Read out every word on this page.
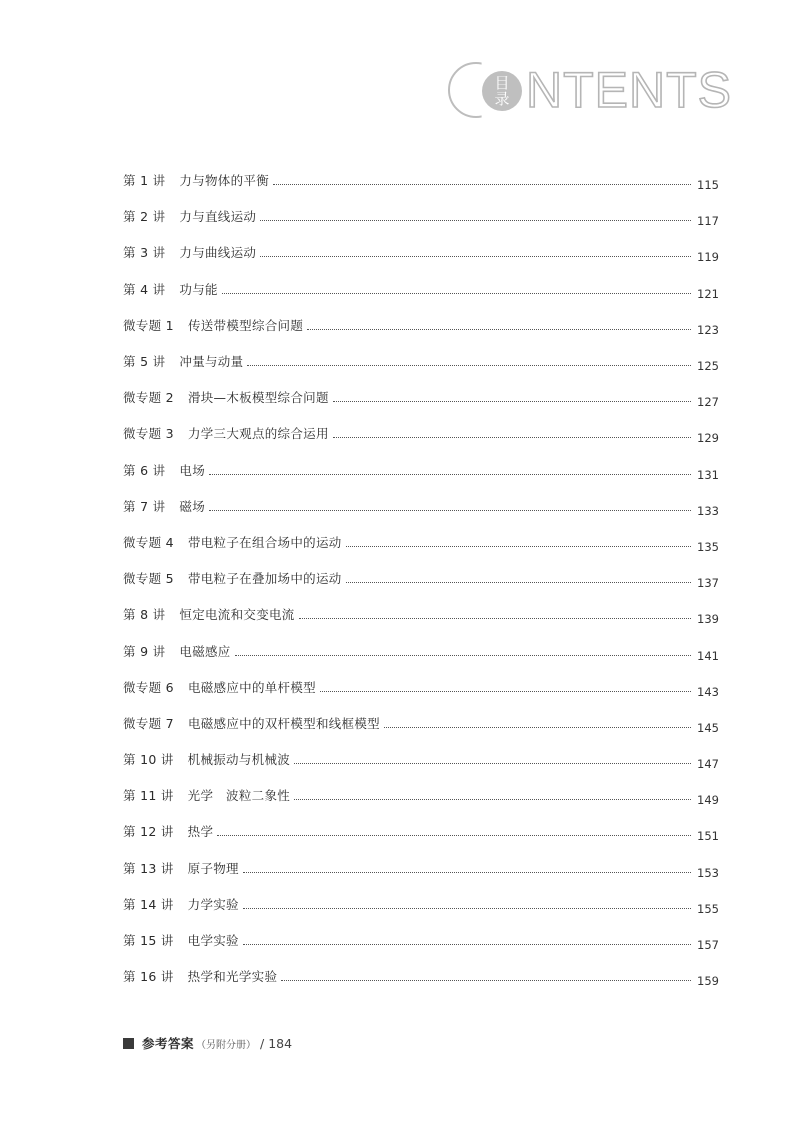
目
录 NTENTS
第 1 讲 力与物体的平衡	115
第 2 讲 力与直线运动	117
第 3 讲 力与曲线运动	119
第 4 讲 功与能	121
微专题 1 传送带模型综合问题	123
第 5 讲 冲量与动量	125
微专题 2 滑块—木板模型综合问题	127
微专题 3 力学三大观点的综合运用	129
第 6 讲 电场	131
第 7 讲 磁场	133
微专题 4 带电粒子在组合场中的运动	135
微专题 5 带电粒子在叠加场中的运动	137
第 8 讲 恒定电流和交变电流	139
第 9 讲 电磁感应	141
微专题 6 电磁感应中的单杆模型	143
微专题 7 电磁感应中的双杆模型和线框模型	145
第 10 讲 机械振动与机械波	147
第 11 讲 光学　波粒二象性	149
第 12 讲 热学	151
第 13 讲 原子物理	153
第 14 讲 力学实验	155
第 15 讲 电学实验	157
第 16 讲 热学和光学实验	159
参考答案 （另附分册） / 184
